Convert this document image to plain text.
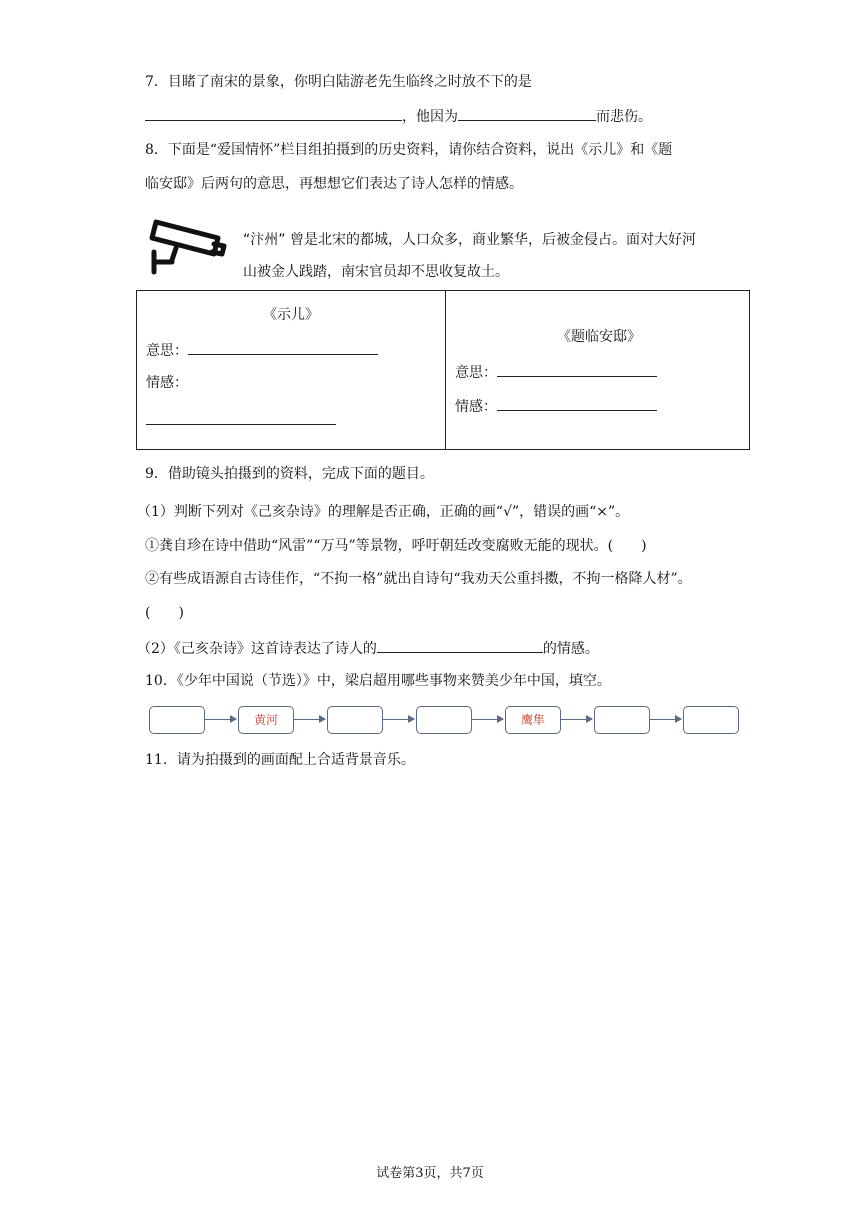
7．目睹了南宋的景象，你明白陆游老先生临终之时放不下的是
，他因为	而悲伤。
8．下面是“爱国情怀”栏目组拍摄到的历史资料，请你结合资料，说出《示儿》和《题
临安邸》后两句的意思，再想想它们表达了诗人怎样的情感。
“汴州” 曾是北宋的都城，人口众多，商业繁华，后被金侵占。面对大好河
山被金人践踏，南宋官员却不思收复故土。
《示儿》
意思：
情感：

《题临安邸》
意思：
情感：
9．借助镜头拍摄到的资料，完成下面的题目。
（1）判断下列对《己亥杂诗》的理解是否正确，正确的画“√”，错误的画“×”。
①龚自珍在诗中借助“风雷”“万马”等景物，呼吁朝廷改变腐败无能的现状。(　　)
②有些成语源自古诗佳作，“不拘一格”就出自诗句“我劝天公重抖擞，不拘一格降人材”。
(　　)
（2）《己亥杂诗》这首诗表达了诗人的	的情感。
10．《少年中国说（节选）》中，梁启超用哪些事物来赞美少年中国，填空。
黄河	鹰隼
11．请为拍摄到的画面配上合适背景音乐。
试卷第3页，共7页
